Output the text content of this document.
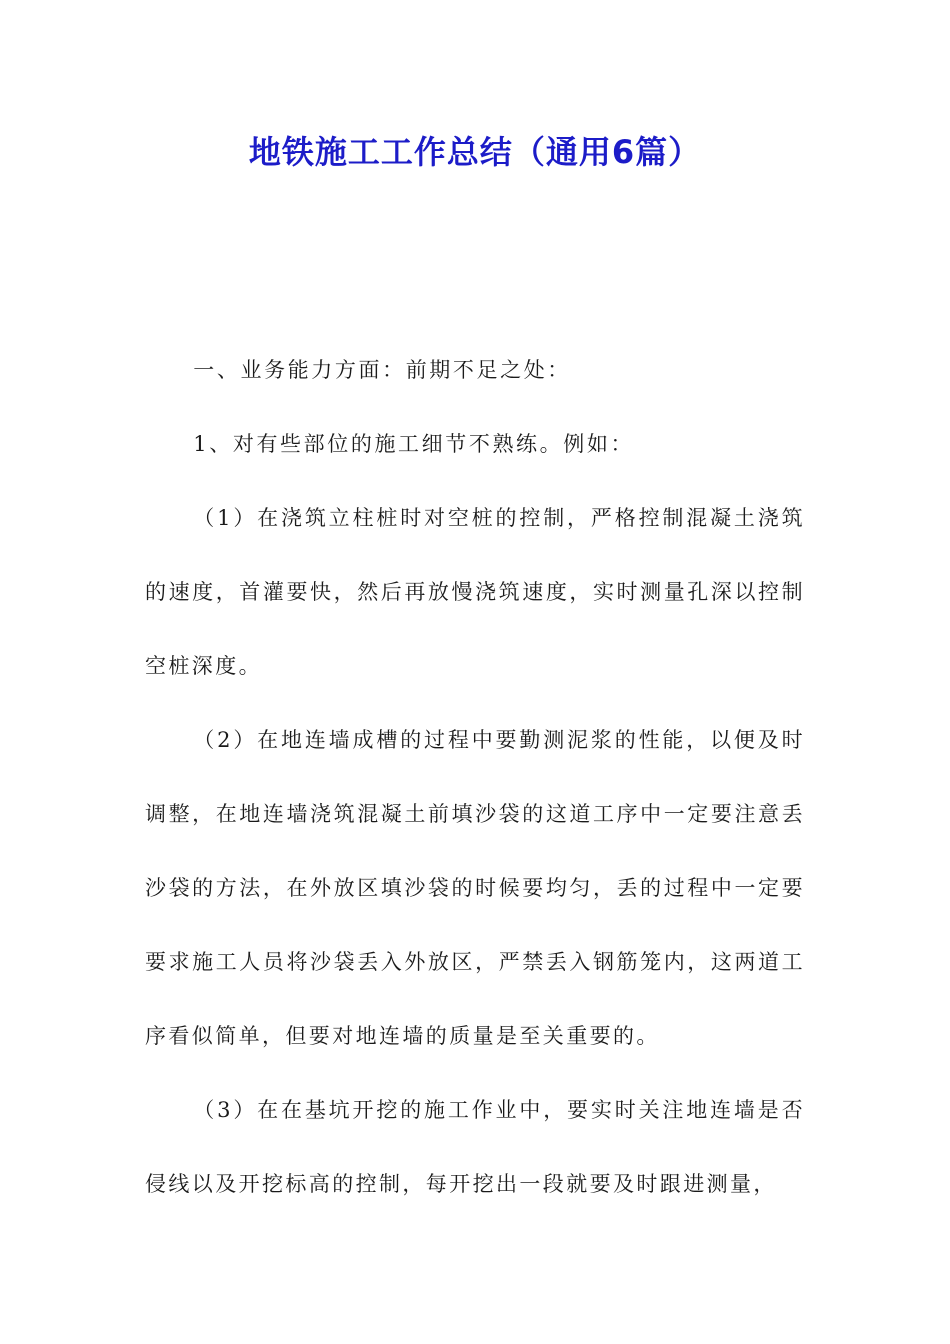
地铁施工工作总结（通用6篇）

一、业务能力方面：前期不足之处：

1、对有些部位的施工细节不熟练。例如：

（1）在浇筑立柱桩时对空桩的控制，严格控制混凝土浇筑的速度，首灌要快，然后再放慢浇筑速度，实时测量孔深以控制空桩深度。

（2）在地连墙成槽的过程中要勤测泥浆的性能，以便及时调整，在地连墙浇筑混凝土前填沙袋的这道工序中一定要注意丢沙袋的方法，在外放区填沙袋的时候要均匀，丢的过程中一定要要求施工人员将沙袋丢入外放区，严禁丢入钢筋笼内，这两道工序看似简单，但要对地连墙的质量是至关重要的。

（3）在在基坑开挖的施工作业中，要实时关注地连墙是否侵线以及开挖标高的控制，每开挖出一段就要及时跟进测量，
